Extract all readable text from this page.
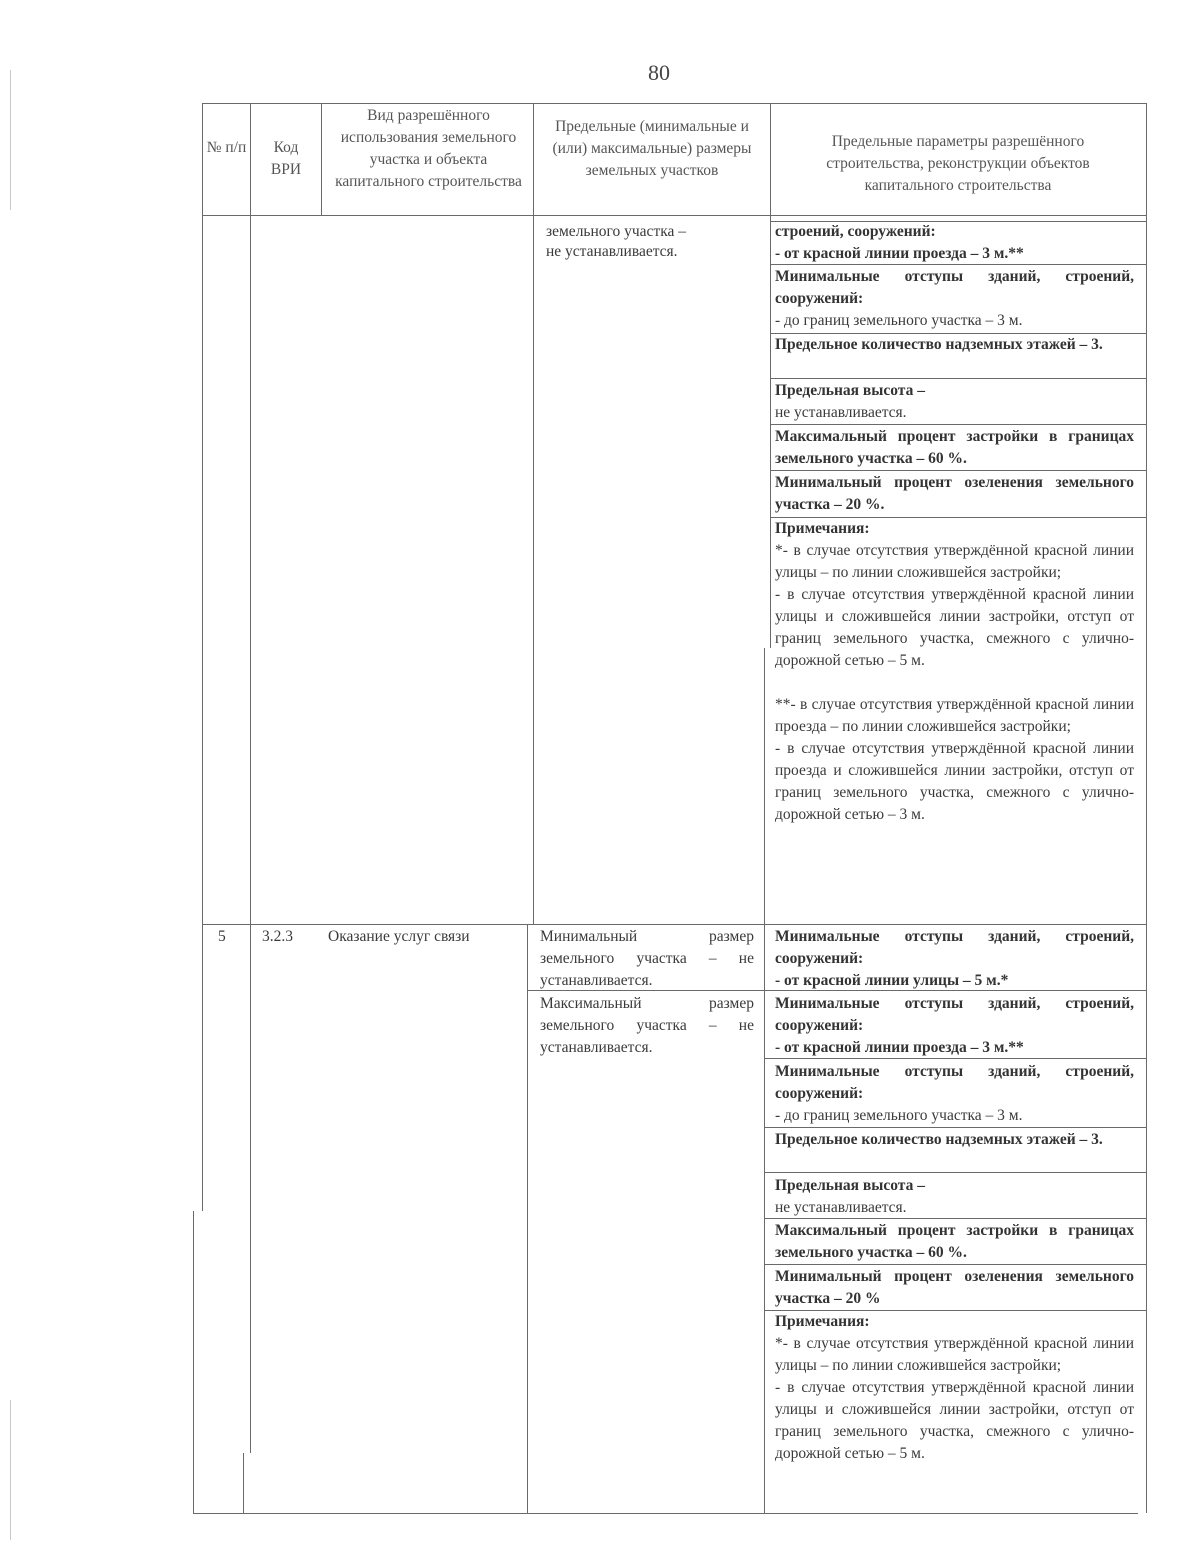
80
№ п/п	Код ВРИ
Вид разрешённого использования земельного участка и объекта капитального строительства
Предельные (минимальные и (или) максимальные) размеры земельных участков
Предельные параметры разрешённого строительства, реконструкции объектов капитального строительства
земельного участка –
не устанавливается.

строений, сооружений:

- от красной линии проезда – 3 м.**

Минимальные отступы зданий, строений, сооружений:

- до границ земельного участка – 3 м.

Предельное количество надземных этажей – 3.

Предельная высота –

не устанавливается.

Максимальный процент застройки в границах земельного участка – 60 %.

Минимальный процент озеленения земельного участка – 20 %.

Примечания:

*- в случае отсутствия утверждённой красной линии улицы – по линии сложившейся застройки;

- в случае отсутствия утверждённой красной линии улицы и сложившейся линии застройки, отступ от границ земельного участка, смежного с улично-дорожной сетью – 5 м.

**- в случае отсутствия утверждённой красной линии проезда – по линии сложившейся застройки;

- в случае отсутствия утверждённой красной линии проезда и сложившейся линии застройки, отступ от границ земельного участка, смежного с улично-дорожной сетью – 3 м.

5 3.2.3 Оказание услуг связи	Минимальный размер земельного участка – не устанавливается.
Максимальный размер земельного участка – не устанавливается.

Минимальные отступы зданий, строений, сооружений:

- от красной линии улицы – 5 м.*

Минимальные отступы зданий, строений, сооружений:

- от красной линии проезда – 3 м.**

Минимальные отступы зданий, строений, сооружений:

- до границ земельного участка – 3 м.

Предельное количество надземных этажей – 3.

Предельная высота –

не устанавливается.

Максимальный процент застройки в границах земельного участка – 60 %.

Минимальный процент озеленения земельного участка – 20 %

Примечания:

*- в случае отсутствия утверждённой красной линии улицы – по линии сложившейся застройки;

- в случае отсутствия утверждённой красной линии улицы и сложившейся линии застройки, отступ от границ земельного участка, смежного с улично-дорожной сетью – 5 м.
